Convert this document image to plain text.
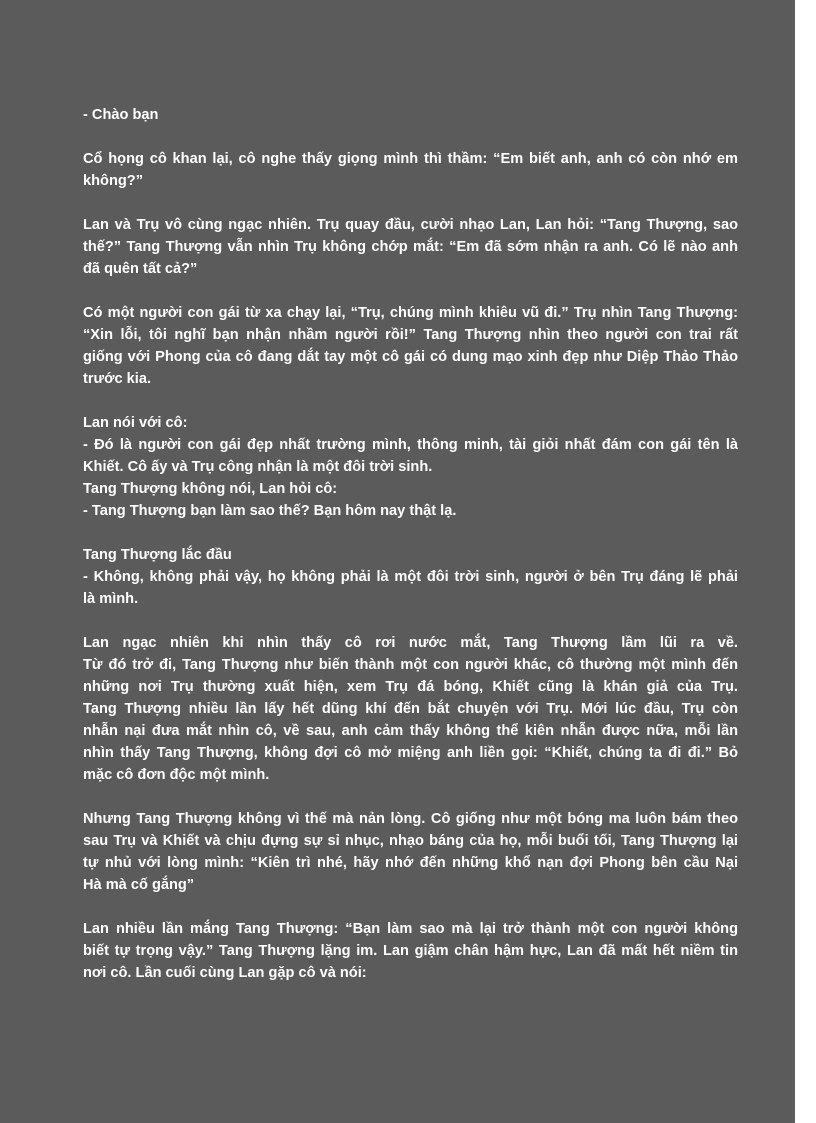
- Chào bạn
Cổ họng cô khan lại, cô nghe thấy giọng mình thì thầm: “Em biết anh, anh có còn nhớ em
không?”
Lan và Trụ vô cùng ngạc nhiên. Trụ quay đầu, cười nhạo Lan, Lan hỏi: “Tang Thượng, sao
thế?” Tang Thượng vẫn nhìn Trụ không chớp mắt: “Em đã sớm nhận ra anh. Có lẽ nào anh
đã quên tất cả?”
Có một người con gái từ xa chạy lại, “Trụ, chúng mình khiêu vũ đi.” Trụ nhìn Tang Thượng:
“Xin lỗi, tôi nghĩ bạn nhận nhầm người rồi!” Tang Thượng nhìn theo người con trai rất
giống với Phong của cô đang dắt tay một cô gái có dung mạo xinh đẹp như Diệp Thảo Thảo
trước kia.
Lan nói với cô:
- Đó là người con gái đẹp nhất trường mình, thông minh, tài giỏi nhất đám con gái tên là
Khiết. Cô ấy và Trụ công nhận là một đôi trời sinh.
Tang Thượng không nói, Lan hỏi cô:
- Tang Thượng bạn làm sao thế? Bạn hôm nay thật lạ.
Tang Thượng lắc đầu
- Không, không phải vậy, họ không phải là một đôi trời sinh, người ở bên Trụ đáng lẽ phải
là mình.
Lan ngạc nhiên khi nhìn thấy cô rơi nước mắt, Tang Thượng lầm lũi ra về.
Từ đó trở đi, Tang Thượng như biến thành một con người khác, cô thường một mình đến
những nơi Trụ thường xuất hiện, xem Trụ đá bóng, Khiết cũng là khán giả của Trụ.
Tang Thượng nhiều lần lấy hết dũng khí đến bắt chuyện với Trụ. Mới lúc đầu, Trụ còn
nhẫn nại đưa mắt nhìn cô, về sau, anh cảm thấy không thể kiên nhẫn được nữa, mỗi lần
nhìn thấy Tang Thượng, không đợi cô mở miệng anh liền gọi: “Khiết, chúng ta đi đi.” Bỏ
mặc cô đơn độc một mình.
Nhưng Tang Thượng không vì thế mà nản lòng. Cô giống như một bóng ma luôn bám theo
sau Trụ và Khiết và chịu đựng sự sỉ nhục, nhạo báng của họ, mỗi buổi tối, Tang Thượng lại
tự nhủ với lòng mình: “Kiên trì nhé, hãy nhớ đến những khổ nạn đợi Phong bên cầu Nại
Hà mà cố gắng”
Lan nhiều lần mắng Tang Thượng: “Bạn làm sao mà lại trở thành một con người không
biết tự trọng vậy.” Tang Thượng lặng im. Lan giậm chân hậm hực, Lan đã mất hết niềm tin
nơi cô. Lần cuối cùng Lan gặp cô và nói:
